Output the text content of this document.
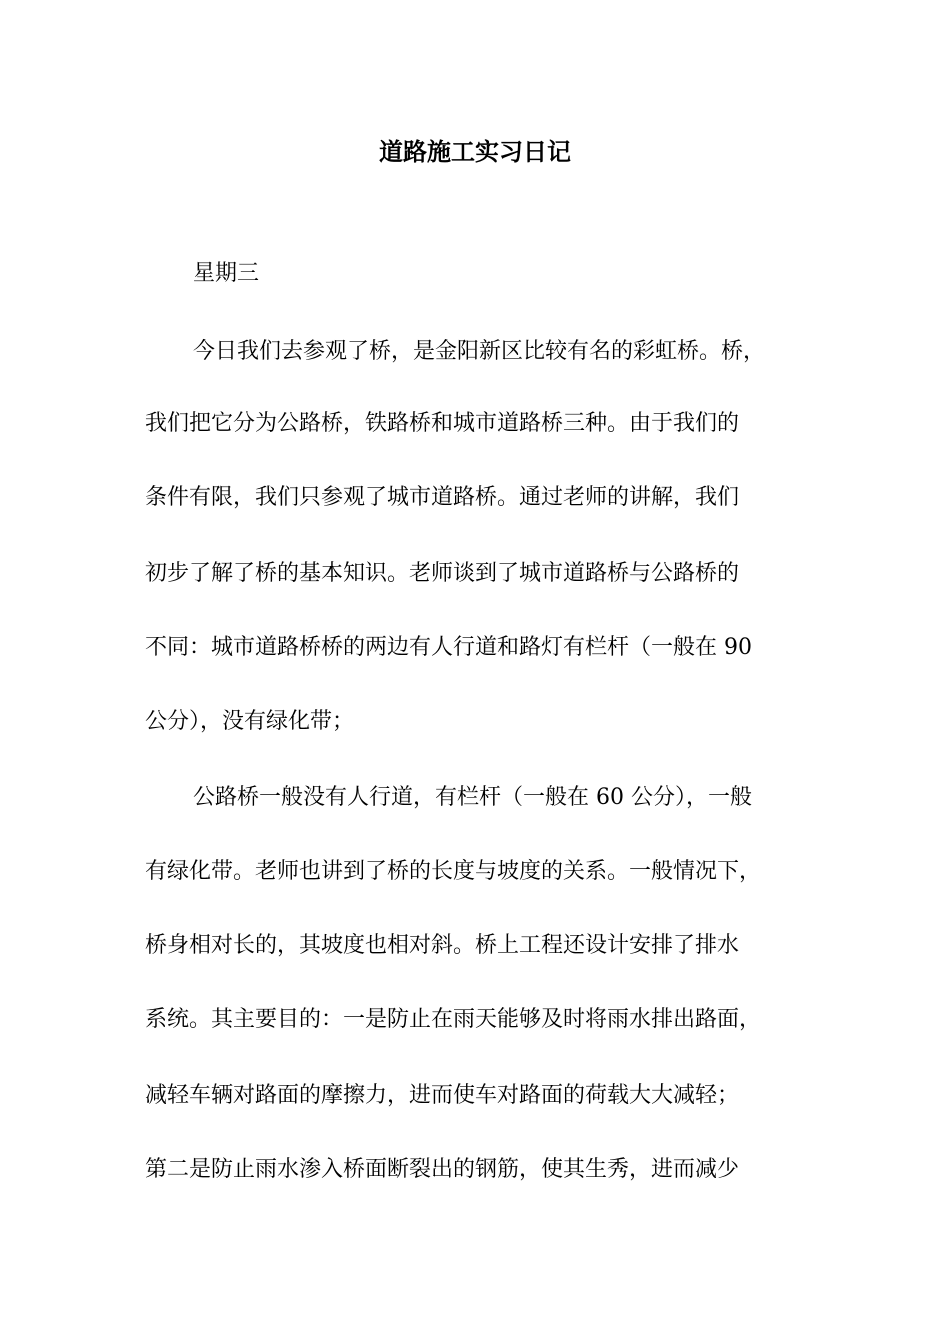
道路施工实习日记

星期三

今日我们去参观了桥，是金阳新区比较有名的彩虹桥。桥，

我们把它分为公路桥，铁路桥和城市道路桥三种。由于我们的

条件有限，我们只参观了城市道路桥。通过老师的讲解，我们

初步了解了桥的基本知识。老师谈到了城市道路桥与公路桥的

不同：城市道路桥桥的两边有人行道和路灯有栏杆（一般在 90

公分），没有绿化带；

公路桥一般没有人行道，有栏杆（一般在 60 公分），一般

有绿化带。老师也讲到了桥的长度与坡度的关系。一般情况下，

桥身相对长的，其坡度也相对斜。桥上工程还设计安排了排水

系统。其主要目的：一是防止在雨天能够及时将雨水排出路面，

减轻车辆对路面的摩擦力，进而使车对路面的荷载大大减轻；

第二是防止雨水渗入桥面断裂出的钢筋，使其生秀，进而减少
